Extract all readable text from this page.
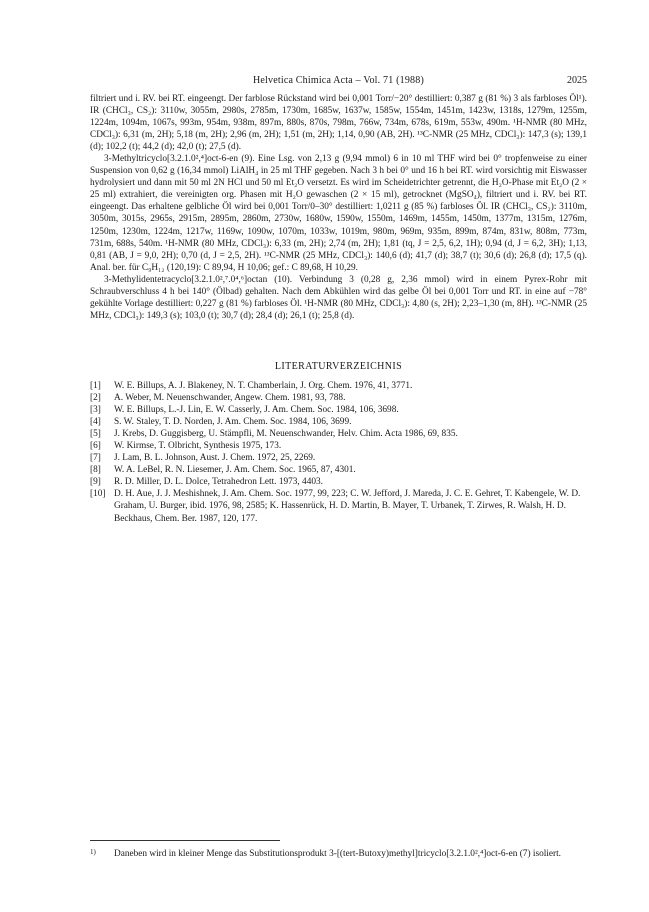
Helvetica Chimica Acta – Vol. 71 (1988)	2025

filtriert und i. RV. bei RT. eingeengt. Der farblose Rückstand wird bei 0,001 Torr/−20° destilliert: 0,387 g (81 %) 3 als farbloses Öl¹). IR (CHCl₃, CS₂): 3110w, 3055m, 2980s, 2785m, 1730m, 1685w, 1637w, 1585w, 1554m, 1451m, 1423w, 1318s, 1279m, 1255m, 1224m, 1094m, 1067s, 993m, 954m, 938m, 897m, 880s, 870s, 798m, 766w, 734m, 678s, 619m, 553w, 490m. ¹H-NMR (80 MHz, CDCl₃): 6,31 (m, 2H); 5,18 (m, 2H); 2,96 (m, 2H); 1,51 (m, 2H); 1,14, 0,90 (AB, 2H). ¹³C-NMR (25 MHz, CDCl₃): 147,3 (s); 139,1 (d); 102,2 (t); 44,2 (d); 42,0 (t); 27,5 (d).

3-Methyltricyclo[3.2.1.0²,⁴]oct-6-en (9). Eine Lsg. von 2,13 g (9,94 mmol) 6 in 10 ml THF wird bei 0° tropfenweise zu einer Suspension von 0,62 g (16,34 mmol) LiAlH₄ in 25 ml THF gegeben. Nach 3 h bei 0° und 16 h bei RT. wird vorsichtig mit Eiswasser hydrolysiert und dann mit 50 ml 2N HCl und 50 ml Et₂O versetzt. Es wird im Scheidetrichter getrennt, die H₂O-Phase mit Et₂O (2 × 25 ml) extrahiert, die vereinigten org. Phasen mit H₂O gewaschen (2 × 15 ml), getrocknet (MgSO₄), filtriert und i. RV. bei RT. eingeengt. Das erhaltene gelbliche Öl wird bei 0,001 Torr/0–30° destilliert: 1,0211 g (85 %) farbloses Öl. IR (CHCl₃, CS₂): 3110m, 3050m, 3015s, 2965s, 2915m, 2895m, 2860m, 2730w, 1680w, 1590w, 1550m, 1469m, 1455m, 1450m, 1377m, 1315m, 1276m, 1250m, 1230m, 1224m, 1217w, 1169w, 1090w, 1070m, 1033w, 1019m, 980m, 969m, 935m, 899m, 874m, 831w, 808m, 773m, 731m, 688s, 540m. ¹H-NMR (80 MHz, CDCl₃): 6,33 (m, 2H); 2,74 (m, 2H); 1,81 (tq, J = 2,5, 6,2, 1H); 0,94 (d, J = 6,2, 3H); 1,13, 0,81 (AB, J = 9,0, 2H); 0,70 (d, J = 2,5, 2H). ¹³C-NMR (25 MHz, CDCl₃): 140,6 (d); 41,7 (d); 38,7 (t); 30,6 (d); 26,8 (d); 17,5 (q). Anal. ber. für C₉H₁₂ (120,19): C 89,94, H 10,06; gef.: C 89,68, H 10,29.

3-Methylidentetracyclo[3.2.1.0²,⁷.0⁴,⁶]octan (10). Verbindung 3 (0,28 g, 2,36 mmol) wird in einem Pyrex-Rohr mit Schraubverschluss 4 h bei 140° (Ölbad) gehalten. Nach dem Abkühlen wird das gelbe Öl bei 0,001 Torr und RT. in eine auf −78° gekühlte Vorlage destilliert: 0,227 g (81 %) farbloses Öl. ¹H-NMR (80 MHz, CDCl₃): 4,80 (s, 2H); 2,23–1,30 (m, 8H). ¹³C-NMR (25 MHz, CDCl₃): 149,3 (s); 103,0 (t); 30,7 (d); 28,4 (d); 26,1 (t); 25,8 (d).

LITERATURVERZEICHNIS

[1] W. E. Billups, A. J. Blakeney, N. T. Chamberlain, J. Org. Chem. 1976, 41, 3771.

[2] A. Weber, M. Neuenschwander, Angew. Chem. 1981, 93, 788.

[3] W. E. Billups, L.-J. Lin, E. W. Casserly, J. Am. Chem. Soc. 1984, 106, 3698.

[4] S. W. Staley, T. D. Norden, J. Am. Chem. Soc. 1984, 106, 3699.

[5] J. Krebs, D. Guggisberg, U. Stämpfli, M. Neuenschwander, Helv. Chim. Acta 1986, 69, 835.

[6] W. Kirmse, T. Olbricht, Synthesis 1975, 173.

[7] J. Lam, B. L. Johnson, Aust. J. Chem. 1972, 25, 2269.

[8] W. A. LeBel, R. N. Liesemer, J. Am. Chem. Soc. 1965, 87, 4301.

[9] R. D. Miller, D. L. Dolce, Tetrahedron Lett. 1973, 4403.

[10] D. H. Aue, J. J. Meshishnek, J. Am. Chem. Soc. 1977, 99, 223; C. W. Jefford, J. Mareda, J. C. E. Gehret, T. Kabengele, W. D. Graham, U. Burger, ibid. 1976, 98, 2585; K. Hassenrück, H. D. Martin, B. Mayer, T. Urbanek, T. Zirwes, R. Walsh, H. D. Beckhaus, Chem. Ber. 1987, 120, 177.

1)	Daneben wird in kleiner Menge das Substitutionsprodukt 3-[(tert-Butoxy)methyl]tricyclo[3.2.1.0²,⁴]oct-6-en (7) isoliert.
